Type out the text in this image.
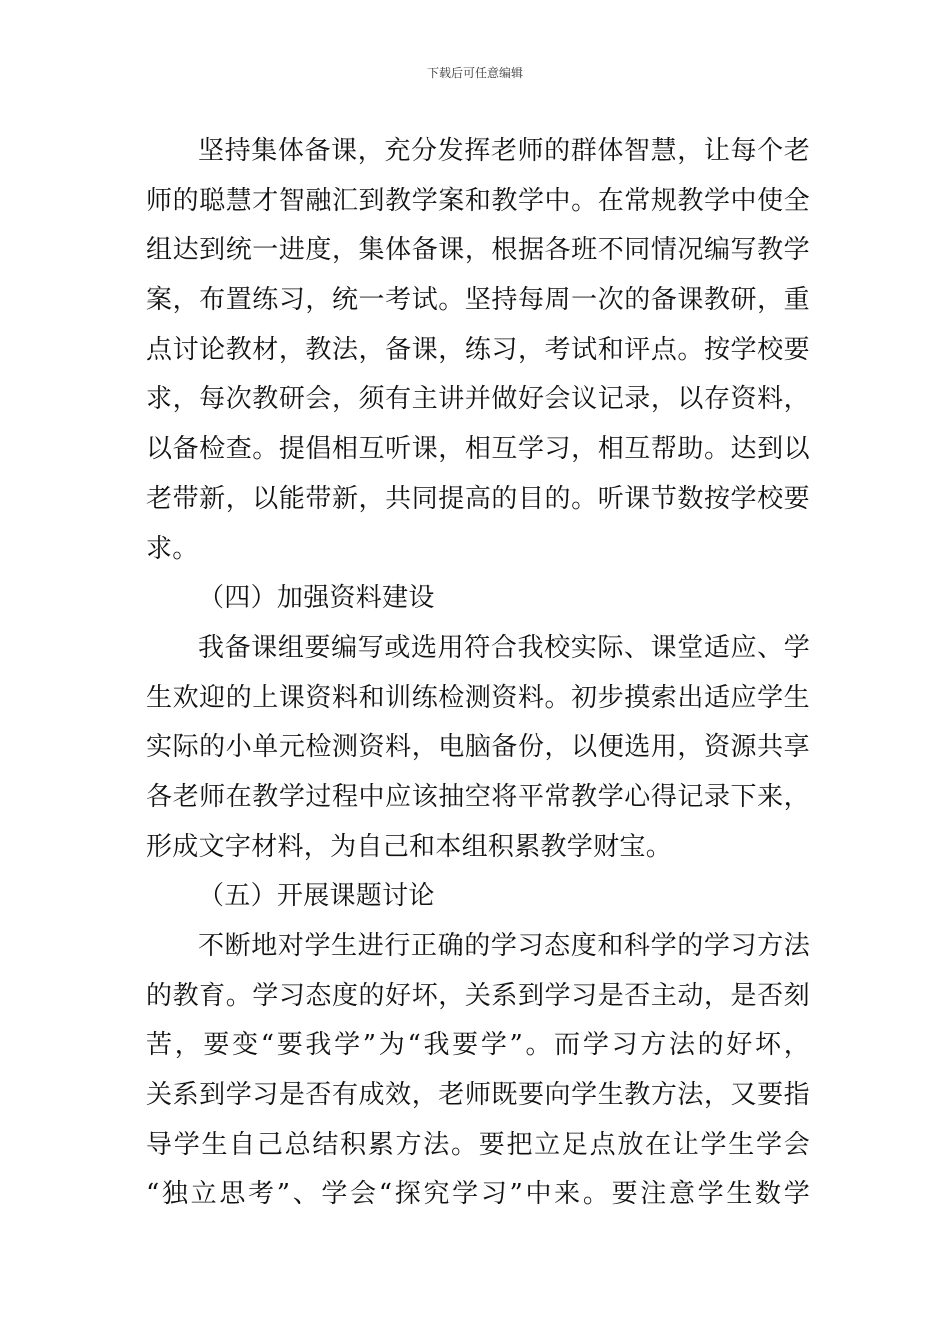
下载后可任意编辑
坚持集体备课，充分发挥老师的群体智慧，让每个老
师的聪慧才智融汇到教学案和教学中。在常规教学中使全
组达到统一进度，集体备课，根据各班不同情况编写教学
案，布置练习，统一考试。坚持每周一次的备课教研，重
点讨论教材，教法，备课，练习，考试和评点。按学校要
求，每次教研会，须有主讲并做好会议记录，以存资料，
以备检查。提倡相互听课，相互学习，相互帮助。达到以
老带新，以能带新，共同提高的目的。听课节数按学校要
求。
（四）加强资料建设
我备课组要编写或选用符合我校实际、课堂适应、学
生欢迎的上课资料和训练检测资料。初步摸索出适应学生
实际的小单元检测资料，电脑备份，以便选用，资源共享
各老师在教学过程中应该抽空将平常教学心得记录下来，
形成文字材料，为自己和本组积累教学财宝。
（五）开展课题讨论
不断地对学生进行正确的学习态度和科学的学习方法
的教育。学习态度的好坏，关系到学习是否主动，是否刻
苦，要变“要我学”为“我要学”。而学习方法的好坏，
关系到学习是否有成效，老师既要向学生教方法，又要指
导学生自己总结积累方法。要把立足点放在让学生学会
“独立思考”、学会“探究学习”中来。要注意学生数学
